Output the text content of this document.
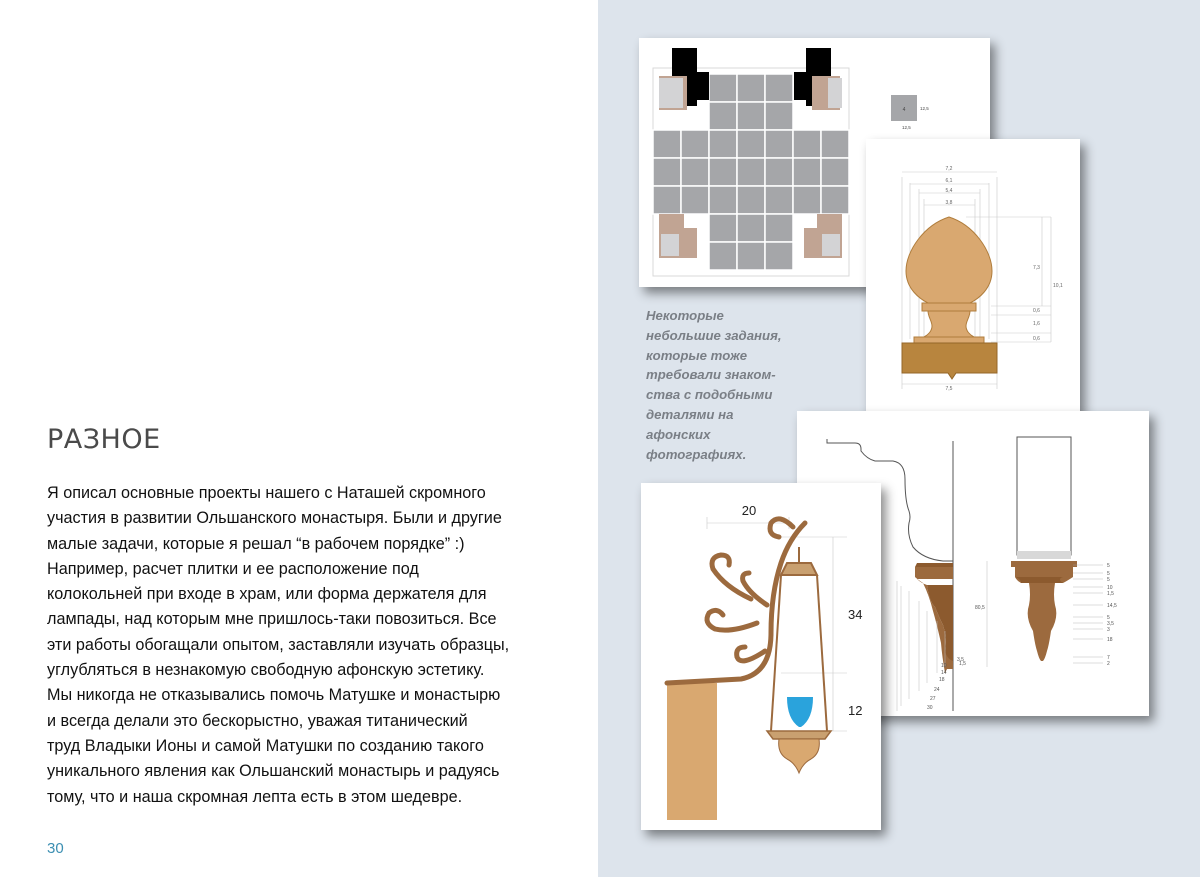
РАЗНОЕ

Я описал основные проекты нашего с Наташей скромного
участия в развитии Ольшанского монастыря. Были и другие
малые задачи, которые я решал “в рабочем порядке” :)
Например, расчет плитки и ее расположение под
колокольней при входе в храм, или форма держателя для
лампады, над которым мне пришлось-таки повозиться. Все
эти работы обогащали опытом, заставляли изучать образцы,
углубляться в незнакомую свободную афонскую эстетику.
Мы никогда не отказывались помочь Матушке и монастырю
и всегда делали это бескорыстно, уважая титанический
труд Владыки Ионы и самой Матушки по созданию такого
уникального явления как Ольшанский монастырь и радуясь
тому, что и наша скромная лепта есть в этом шедевре.

30
4	12,5
12,5
7,2
6,1
5,4
3,8
7,3
0,6
1,6
0,6
10,1
7,5
3,5
1,5
10
14
18
24
27
30
80,5
5
5
5
10
1,5
14,5
5
3,5
3
18
7
2
20
34
12

Некоторые
небольшие задания,
которые тоже
требовали знаком-
ства с подобными
деталями на
афонских
фотографиях.
